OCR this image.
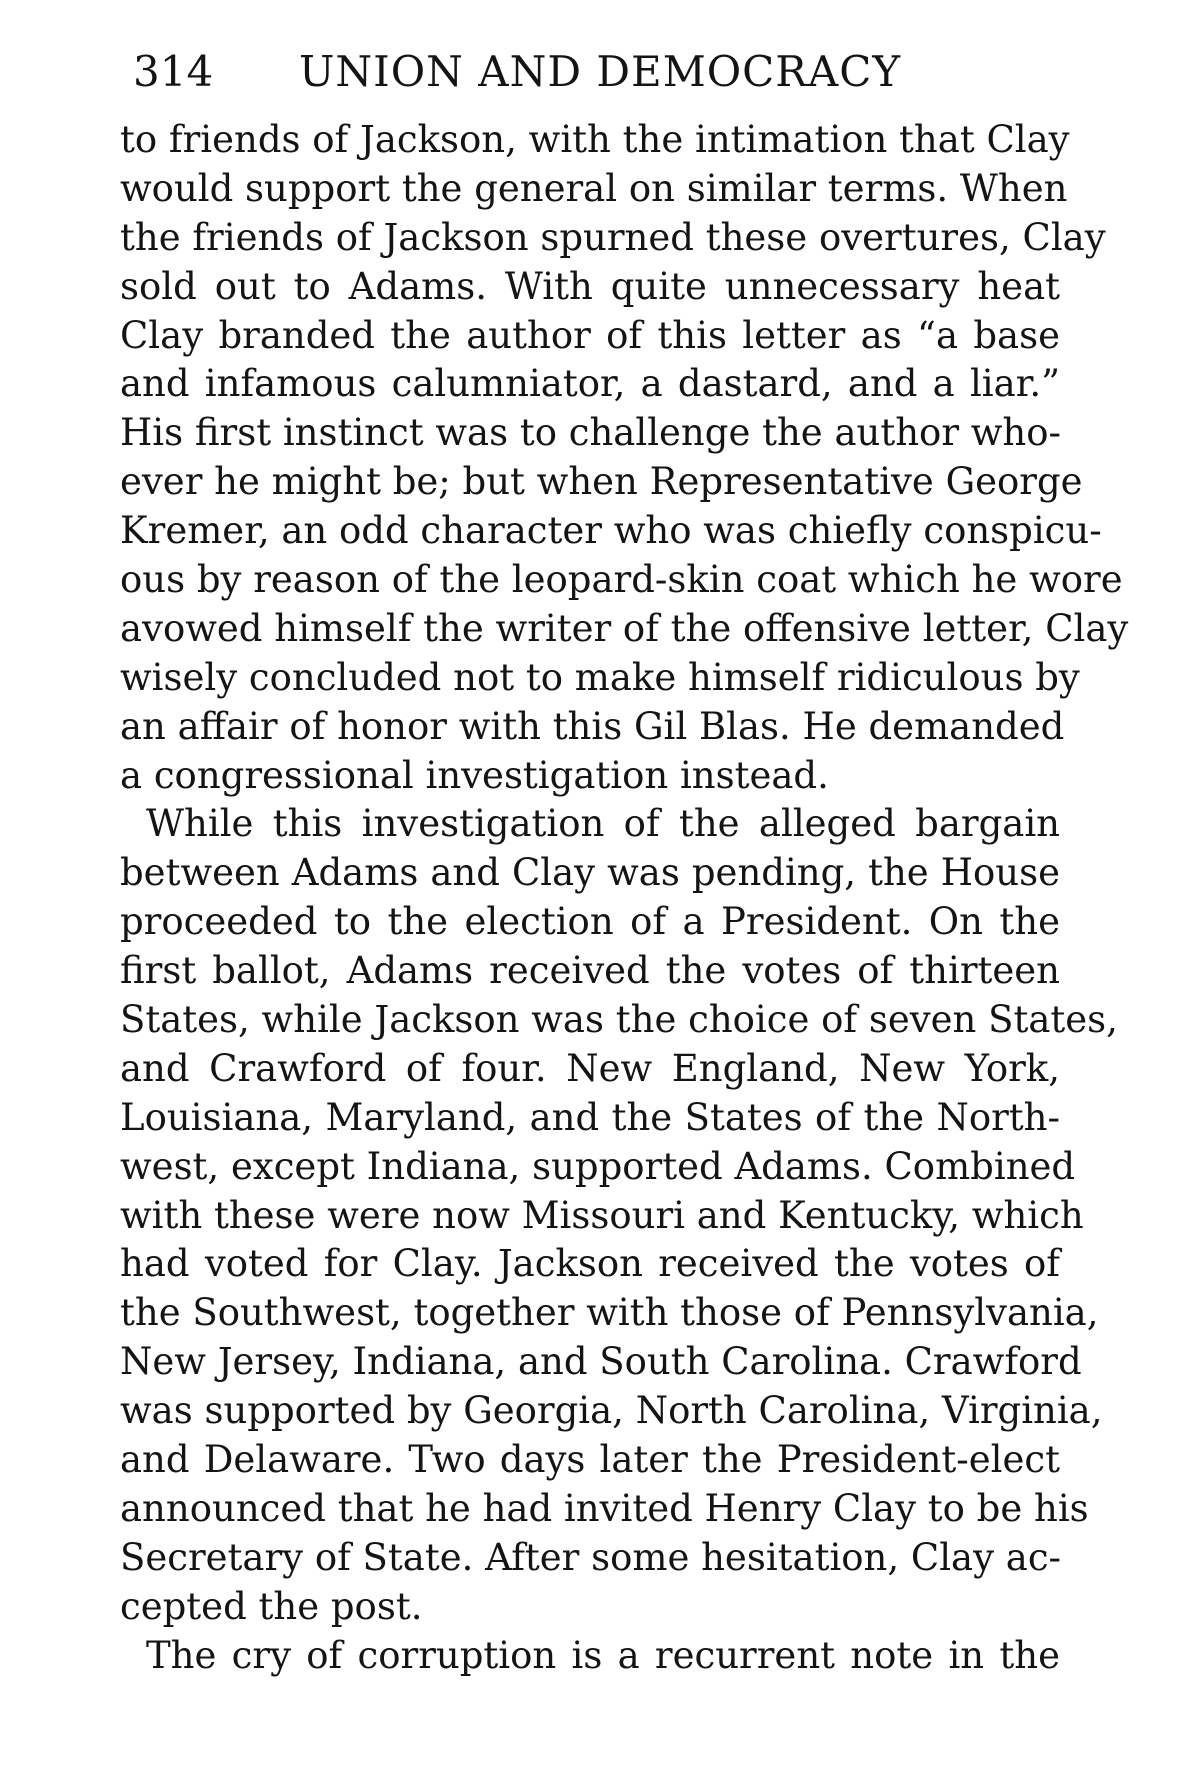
314 UNION AND DEMOCRACY
to friends of Jackson, with the intimation that Clay
would support the general on similar terms. When
the friends of Jackson spurned these overtures, Clay
sold out to Adams. With quite unnecessary heat
Clay branded the author of this letter as “a base
and infamous calumniator, a dastard, and a liar.”
His first instinct was to challenge the author who-
ever he might be; but when Representative George
Kremer, an odd character who was chiefly conspicu-
ous by reason of the leopard-skin coat which he wore
avowed himself the writer of the offensive letter, Clay
wisely concluded not to make himself ridiculous by
an affair of honor with this Gil Blas. He demanded
a congressional investigation instead.
While this investigation of the alleged bargain
between Adams and Clay was pending, the House
proceeded to the election of a President. On the
first ballot, Adams received the votes of thirteen
States, while Jackson was the choice of seven States,
and Crawford of four. New England, New York,
Louisiana, Maryland, and the States of the North-
west, except Indiana, supported Adams. Combined
with these were now Missouri and Kentucky, which
had voted for Clay. Jackson received the votes of
the Southwest, together with those of Pennsylvania,
New Jersey, Indiana, and South Carolina. Crawford
was supported by Georgia, North Carolina, Virginia,
and Delaware. Two days later the President-elect
announced that he had invited Henry Clay to be his
Secretary of State. After some hesitation, Clay ac-
cepted the post.
The cry of corruption is a recurrent note in the
